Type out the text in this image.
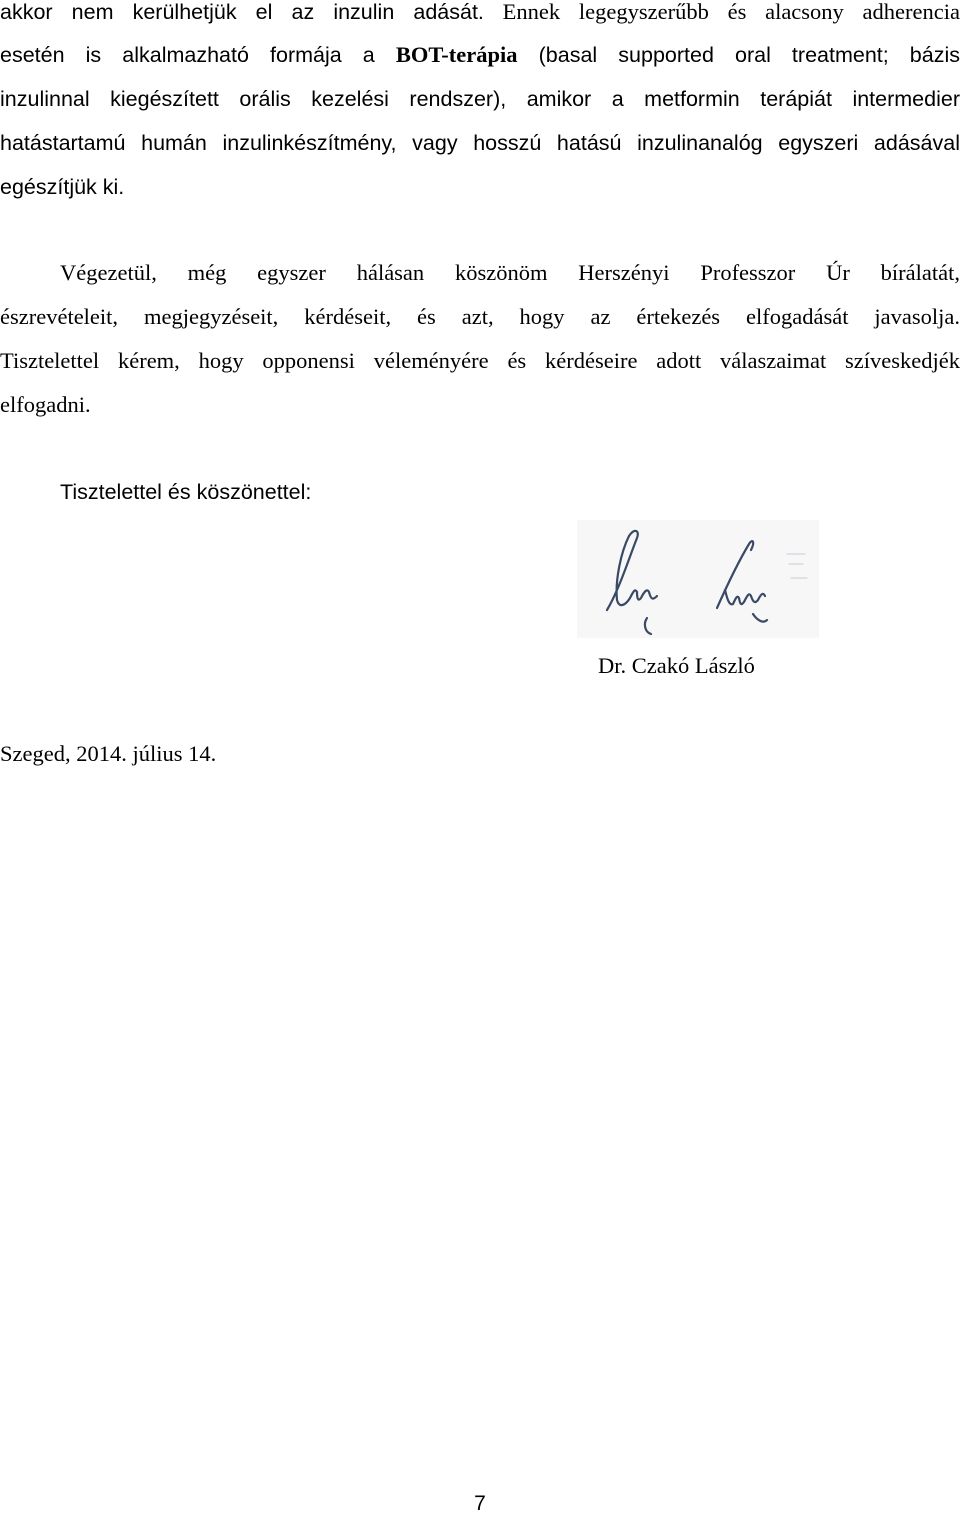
akkor nem kerülhetjük el az inzulin adását. Ennek legegyszerűbb és alacsony adherencia
esetén is alkalmazható formája a BOT-terápia (basal supported oral treatment; bázis
inzulinnal kiegészített orális kezelési rendszer), amikor a metformin terápiát intermedier
hatástartamú humán inzulinkészítmény, vagy hosszú hatású inzulinanalóg egyszeri adásával
egészítjük ki.
Végezetül, még egyszer hálásan köszönöm Herszényi Professzor Úr bírálatát,
észrevételeit, megjegyzéseit, kérdéseit, és azt, hogy az értekezés elfogadását javasolja.
Tisztelettel kérem, hogy opponensi véleményére és kérdéseire adott válaszaimat szíveskedjék
elfogadni.
Tisztelettel és köszönettel:
Dr. Czakó László
Szeged, 2014. július 14.
7
